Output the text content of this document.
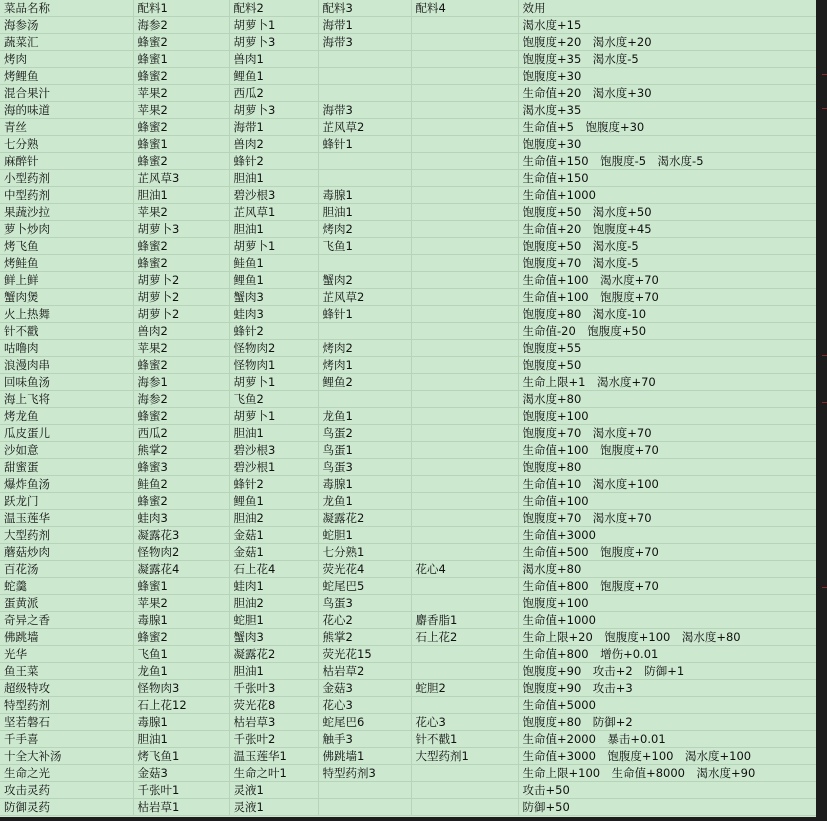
菜品名称	配料1	配料2	配料3	配料4	效用
海参汤	海参2	胡萝卜1	海带1		渴水度+15
蔬菜汇	蜂蜜2	胡萝卜3	海带3		饱腹度+20　渴水度+20
烤肉	蜂蜜1	兽肉1			饱腹度+35　渴水度-5
烤鲤鱼	蜂蜜2	鲤鱼1			饱腹度+30
混合果汁	苹果2	西瓜2			生命值+20　渴水度+30
海的味道	苹果2	胡萝卜3	海带3		渴水度+35
青丝	蜂蜜2	海带1	芷风草2		生命值+5　饱腹度+30
七分熟	蜂蜜1	兽肉2	蜂针1		饱腹度+30
麻醉针	蜂蜜2	蜂针2			生命值+150　饱腹度-5　渴水度-5
小型药剂	芷风草3	胆油1			生命值+150
中型药剂	胆油1	碧沙根3	毒腺1		生命值+1000
果蔬沙拉	苹果2	芷风草1	胆油1		饱腹度+50　渴水度+50
萝卜炒肉	胡萝卜3	胆油1	烤肉2		生命值+20　饱腹度+45
烤飞鱼	蜂蜜2	胡萝卜1	飞鱼1		饱腹度+50　渴水度-5
烤鲑鱼	蜂蜜2	鲑鱼1			饱腹度+70　渴水度-5
鲜上鲜	胡萝卜2	鲤鱼1	蟹肉2		生命值+100　渴水度+70
蟹肉煲	胡萝卜2	蟹肉3	芷风草2		生命值+100　饱腹度+70
火上热舞	胡萝卜2	蛙肉3	蜂针1		饱腹度+80　渴水度-10
针不戳	兽肉2	蜂针2			生命值-20　饱腹度+50
咕噜肉	苹果2	怪物肉2	烤肉2		饱腹度+55
浪漫肉串	蜂蜜2	怪物肉1	烤肉1		饱腹度+50
回味鱼汤	海参1	胡萝卜1	鲤鱼2		生命上限+1　渴水度+70
海上飞将	海参2	飞鱼2			渴水度+80
烤龙鱼	蜂蜜2	胡萝卜1	龙鱼1		饱腹度+100
瓜皮蛋儿	西瓜2	胆油1	鸟蛋2		饱腹度+70　渴水度+70
沙如意	熊掌2	碧沙根3	鸟蛋1		生命值+100　饱腹度+70
甜蜜蛋	蜂蜜3	碧沙根1	鸟蛋3		饱腹度+80
爆炸鱼汤	鲑鱼2	蜂针2	毒腺1		生命值+10　渴水度+100
跃龙门	蜂蜜2	鲤鱼1	龙鱼1		生命值+100
温玉莲华	蛙肉3	胆油2	凝露花2		饱腹度+70　渴水度+70
大型药剂	凝露花3	金菇1	蛇胆1		生命值+3000
蘑菇炒肉	怪物肉2	金菇1	七分熟1		生命值+500　饱腹度+70
百花汤	凝露花4	石上花4	荧光花4	花心4	渴水度+80
蛇羹	蜂蜜1	蛙肉1	蛇尾巴5		生命值+800　饱腹度+70
蛋黄派	苹果2	胆油2	鸟蛋3		饱腹度+100
奇异之香	毒腺1	蛇胆1	花心2	麝香脂1	生命值+1000
佛跳墙	蜂蜜2	蟹肉3	熊掌2	石上花2	生命上限+20　饱腹度+100　渴水度+80
光华	飞鱼1	凝露花2	荧光花15		生命值+800　增伤+0.01
鱼王菜	龙鱼1	胆油1	枯岩草2		饱腹度+90　攻击+2　防御+1
超级特攻	怪物肉3	千张叶3	金菇3	蛇胆2	饱腹度+90　攻击+3
特型药剂	石上花12	荧光花8	花心3		生命值+5000
坚若磐石	毒腺1	枯岩草3	蛇尾巴6	花心3	饱腹度+80　防御+2
千手喜	胆油1	千张叶2	触手3	针不戳1	生命值+2000　暴击+0.01
十全大补汤	烤飞鱼1	温玉莲华1	佛跳墙1	大型药剂1	生命值+3000　饱腹度+100　渴水度+100
生命之光	金菇3	生命之叶1	特型药剂3		生命上限+100　生命值+8000　渴水度+90
攻击灵药	千张叶1	灵液1			攻击+50
防御灵药	枯岩草1	灵液1			防御+50
